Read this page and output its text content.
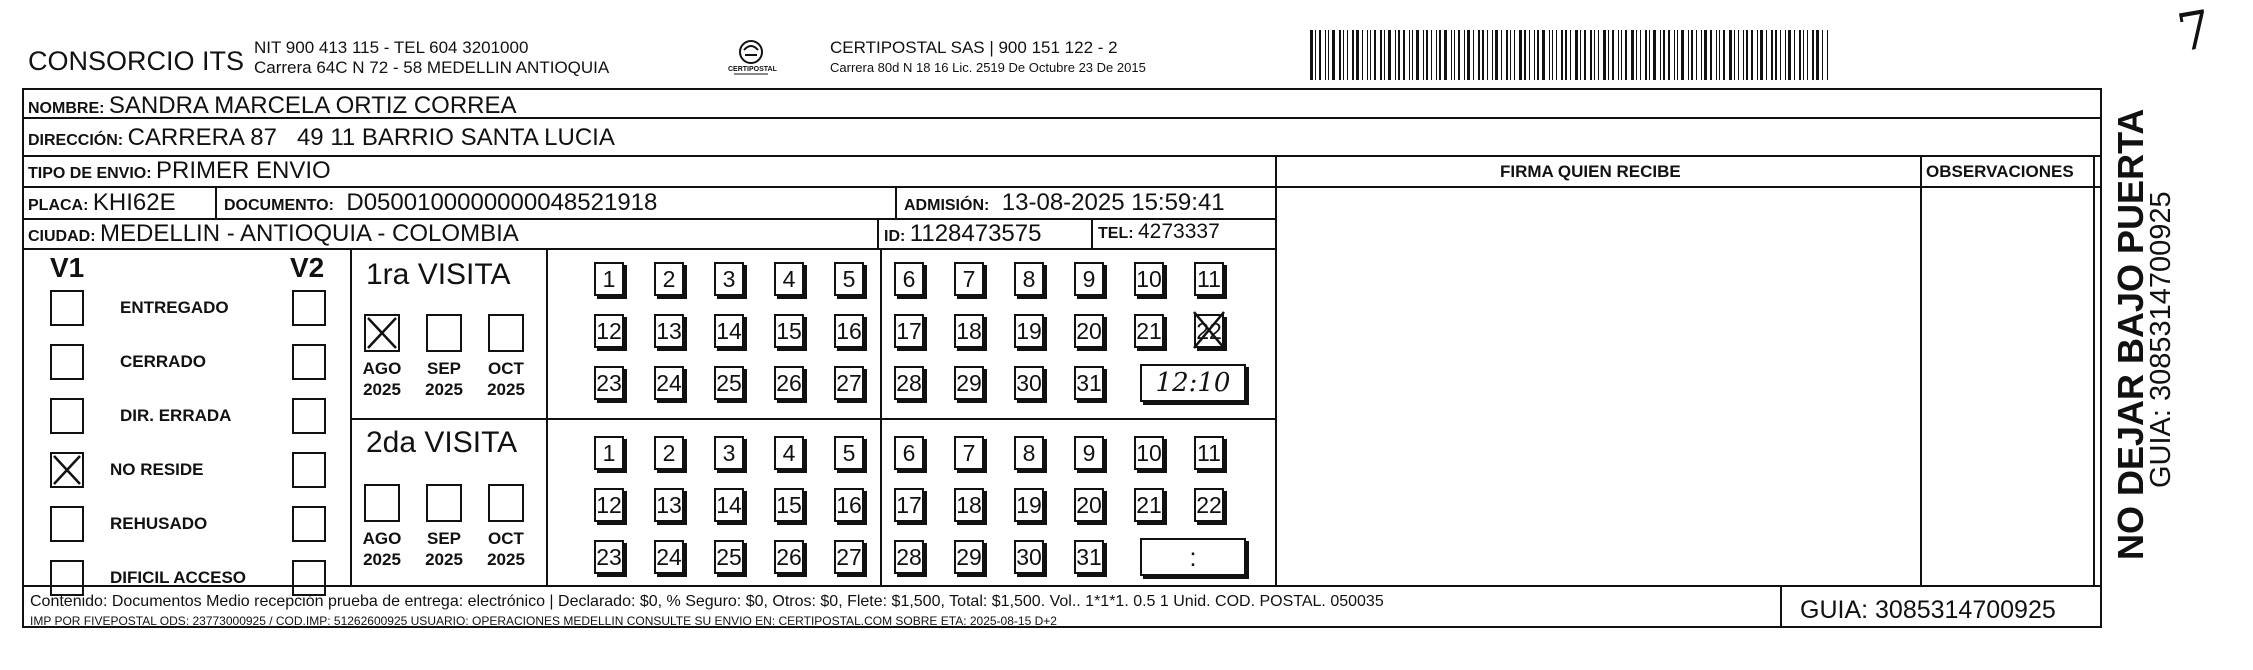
CONSORCIO ITS NIT 900 413 115 - TEL 604 3201000
Carrera 64C N 72 - 58 MEDELLIN ANTIOQUIA	CERTIPOSTAL
CERTIPOSTAL SAS | 900 151 122 - 2
Carrera 80d N 18 16 Lic. 2519 De Octubre 23 De 2015
7
NOMBRE: SANDRA MARCELA ORTIZ CORREA
DIRECCIÓN: CARRERA 87   49 11 BARRIO SANTA LUCIA
TIPO DE ENVIO: PRIMER ENVIO
PLACA: KHI62E	DOCUMENTO: D0500100000000048521918	ADMISIÓN: 13-08-2025 15:59:41
CIUDAD: MEDELLIN - ANTIOQUIA - COLOMBIA	ID: 1128473575	TEL: 4273337
FIRMA QUIEN RECIBE	OBSERVACIONES
V1	V2
ENTREGADO
CERRADO
DIR. ERRADA
NO RESIDE
REHUSADO
DIFICIL ACCESO
1ra VISITA
AGO
2025
SEP
2025
OCT
2025
1	2	3	4	5	6	7	8	9	10 11
12 13 14 15 16 17 18 19 20 21 22
23 24 25 26 27 28 29 30 31	12:10
2da VISITA
AGO
2025
SEP
2025
OCT
2025
1	2	3	4	5	6	7	8	9	10 11
12 13 14 15 16 17 18 19 20 21 22
23 24 25 26 27 28 29 30 31	:
Contenido: Documentos Medio recepción prueba de entrega: electrónico | Declarado: $0, % Seguro: $0, Otros: $0, Flete: $1,500, Total: $1,500. Vol.. 1*1*1. 0.5 1 Unid. COD. POSTAL. 050035
IMP POR FIVEPOSTAL ODS: 23773000925 / COD.IMP: 51262600925 USUARIO: OPERACIONES MEDELLIN CONSULTE SU ENVIO EN: CERTIPOSTAL.COM SOBRE ETA: 2025-08-15 D+2	GUIA: 3085314700925
NO DEJAR BAJO PUERTA
GUIA: 3085314700925
